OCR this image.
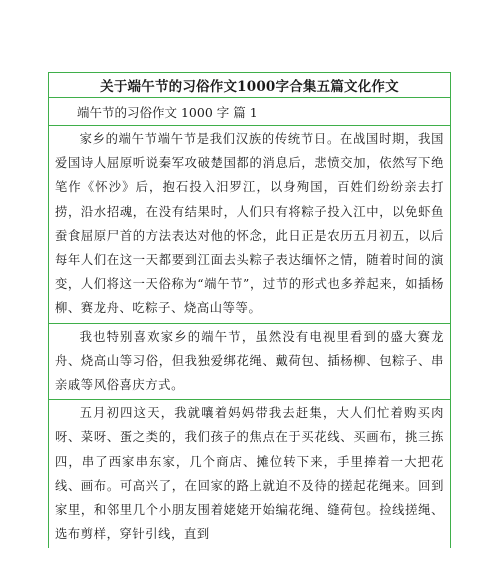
关于端午节的习俗作文1000字合集五篇文化作文
端午节的习俗作文 1000 字 篇 1
家乡的端午节端午节是我们汉族的传统节日。在战国时期，我国爱国诗人屈原听说秦军攻破楚国都的消息后，悲愤交加，依然写下绝笔作《怀沙》后，抱石投入汨罗江，以身殉国，百姓们纷纷亲去打捞，沿水招魂，在没有结果时，人们只有将粽子投入江中，以免虾鱼蚕食屈原尸首的方法表达对他的怀念，此日正是农历五月初五，以后每年人们在这一天都要到江面去头粽子表达缅怀之情，随着时间的演变，人们将这一天俗称为“端午节”，过节的形式也多养起来，如插杨柳、赛龙舟、吃粽子、烧高山等等。
我也特别喜欢家乡的端午节，虽然没有电视里看到的盛大赛龙舟、烧高山等习俗，但我独爱绑花绳、戴荷包、插杨柳、包粽子、串亲戚等风俗喜庆方式。
五月初四这天，我就嚷着妈妈带我去赶集，大人们忙着购买肉呀、菜呀、蛋之类的，我们孩子的焦点在于买花线、买画布，挑三拣四，串了西家串东家，几个商店、摊位转下来，手里捧着一大把花线、画布。可高兴了，在回家的路上就迫不及待的搓起花绳来。回到家里，和邻里几个小朋友围着姥姥开始编花绳、缝荷包。捡线搓绳、选布剪样，穿针引线，直到
